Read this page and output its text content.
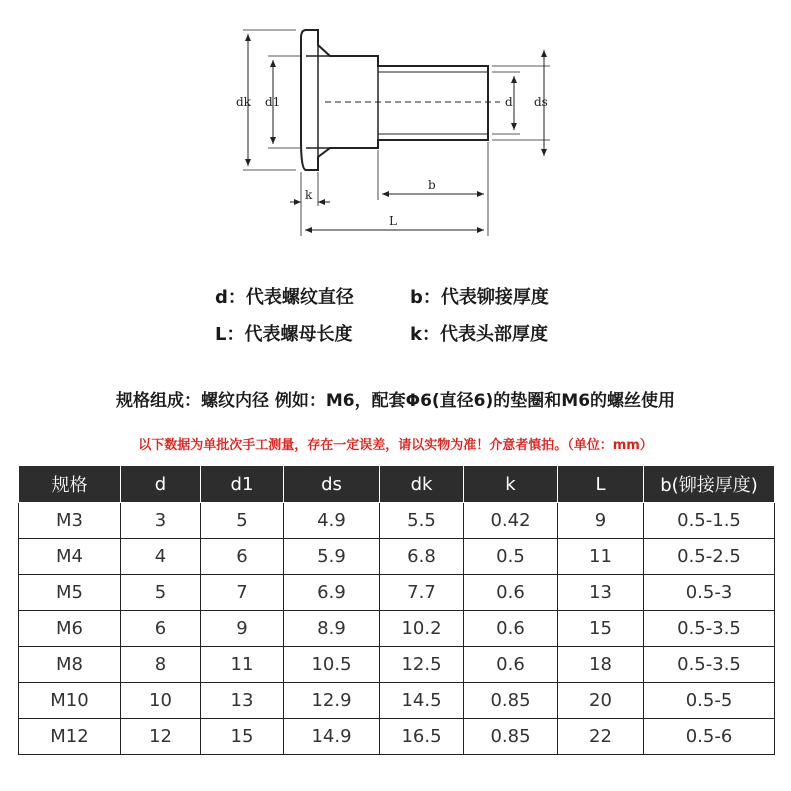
dk d1	d ds
k
b
L
d：代表螺纹直径	b：代表铆接厚度
L：代表螺母长度	k：代表头部厚度
规格组成：螺纹内径 例如：M6，配套Φ6(直径6)的垫圈和M6的螺丝使用
以下数据为单批次手工测量，存在一定误差，请以实物为准！介意者慎拍。（单位：mm）
规格	d	d1	ds	dk	k	L	b(铆接厚度)
M3	3	5	4.9	5.5	0.42	9	0.5-1.5
M4	4	6	5.9	6.8	0.5	11	0.5-2.5
M5	5	7	6.9	7.7	0.6	13	0.5-3
M6	6	9	8.9	10.2	0.6	15	0.5-3.5
M8	8	11	10.5	12.5	0.6	18	0.5-3.5
M10	10	13	12.9	14.5	0.85	20	0.5-5
M12	12	15	14.9	16.5	0.85	22	0.5-6
